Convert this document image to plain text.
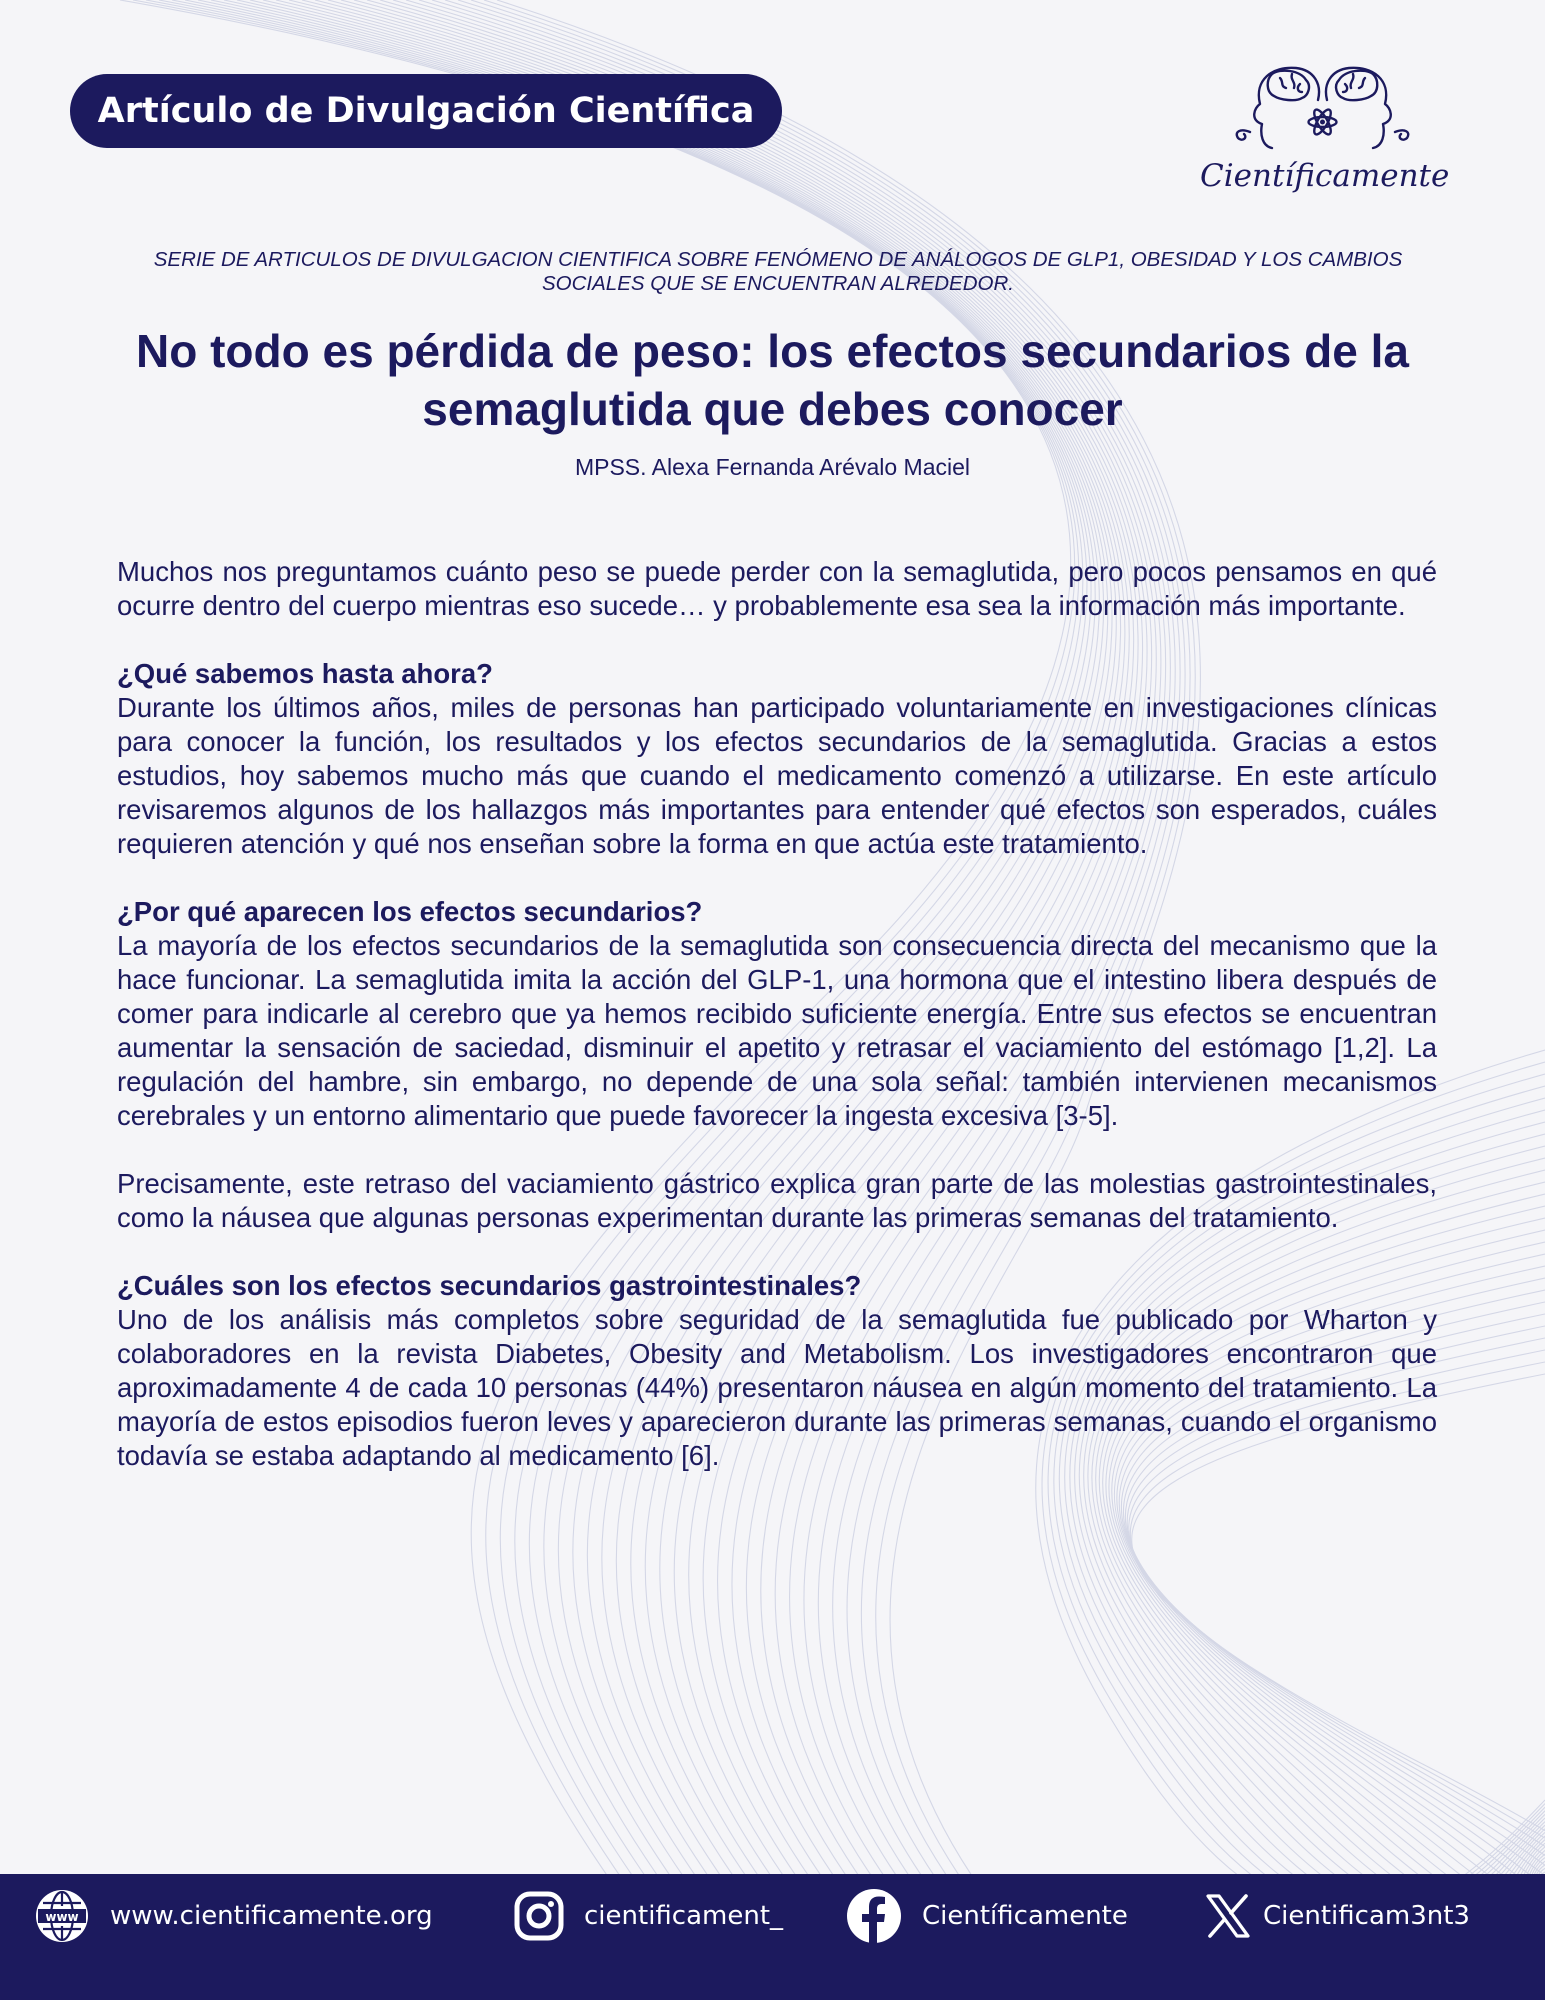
Artículo de Divulgación Científica
Científicamente
SERIE DE ARTICULOS DE DIVULGACION CIENTIFICA SOBRE FENÓMENO DE ANÁLOGOS DE GLP1, OBESIDAD Y LOS CAMBIOS SOCIALES QUE SE ENCUENTRAN ALREDEDOR.
No todo es pérdida de peso: los efectos secundarios de la semaglutida que debes conocer
MPSS. Alexa Fernanda Arévalo Maciel

Muchos nos preguntamos cuánto peso se puede perder con la semaglutida, pero pocos pensamos en qué ocurre dentro del cuerpo mientras eso sucede… y probablemente esa sea la información más importante.

¿Qué sabemos hasta ahora?

Durante los últimos años, miles de personas han participado voluntariamente en investigaciones clínicas para conocer la función, los resultados y los efectos secundarios de la semaglutida. Gracias a estos estudios, hoy sabemos mucho más que cuando el medicamento comenzó a utilizarse. En este artículo revisaremos algunos de los hallazgos más importantes para entender qué efectos son esperados, cuáles requieren atención y qué nos enseñan sobre la forma en que actúa este tratamiento.

¿Por qué aparecen los efectos secundarios?

La mayoría de los efectos secundarios de la semaglutida son consecuencia directa del mecanismo que la hace funcionar. La semaglutida imita la acción del GLP-1, una hormona que el intestino libera después de comer para indicarle al cerebro que ya hemos recibido suficiente energía. Entre sus efectos se encuentran aumentar la sensación de saciedad, disminuir el apetito y retrasar el vaciamiento del estómago [1,2]. La regulación del hambre, sin embargo, no depende de una sola señal: también intervienen mecanismos cerebrales y un entorno alimentario que puede favorecer la ingesta excesiva [3-5].

Precisamente, este retraso del vaciamiento gástrico explica gran parte de las molestias gastrointestinales, como la náusea que algunas personas experimentan durante las primeras semanas del tratamiento.

¿Cuáles son los efectos secundarios gastrointestinales?

Uno de los análisis más completos sobre seguridad de la semaglutida fue publicado por Wharton y colaboradores en la revista Diabetes, Obesity and Metabolism. Los investigadores encontraron que aproximadamente 4 de cada 10 personas (44%) presentaron náusea en algún momento del tratamiento. La mayoría de estos episodios fueron leves y aparecieron durante las primeras semanas, cuando el organismo todavía se estaba adaptando al medicamento [6].

www www.cientificamente.org	cientificament_	Científicamente	Cientificam3nt3
